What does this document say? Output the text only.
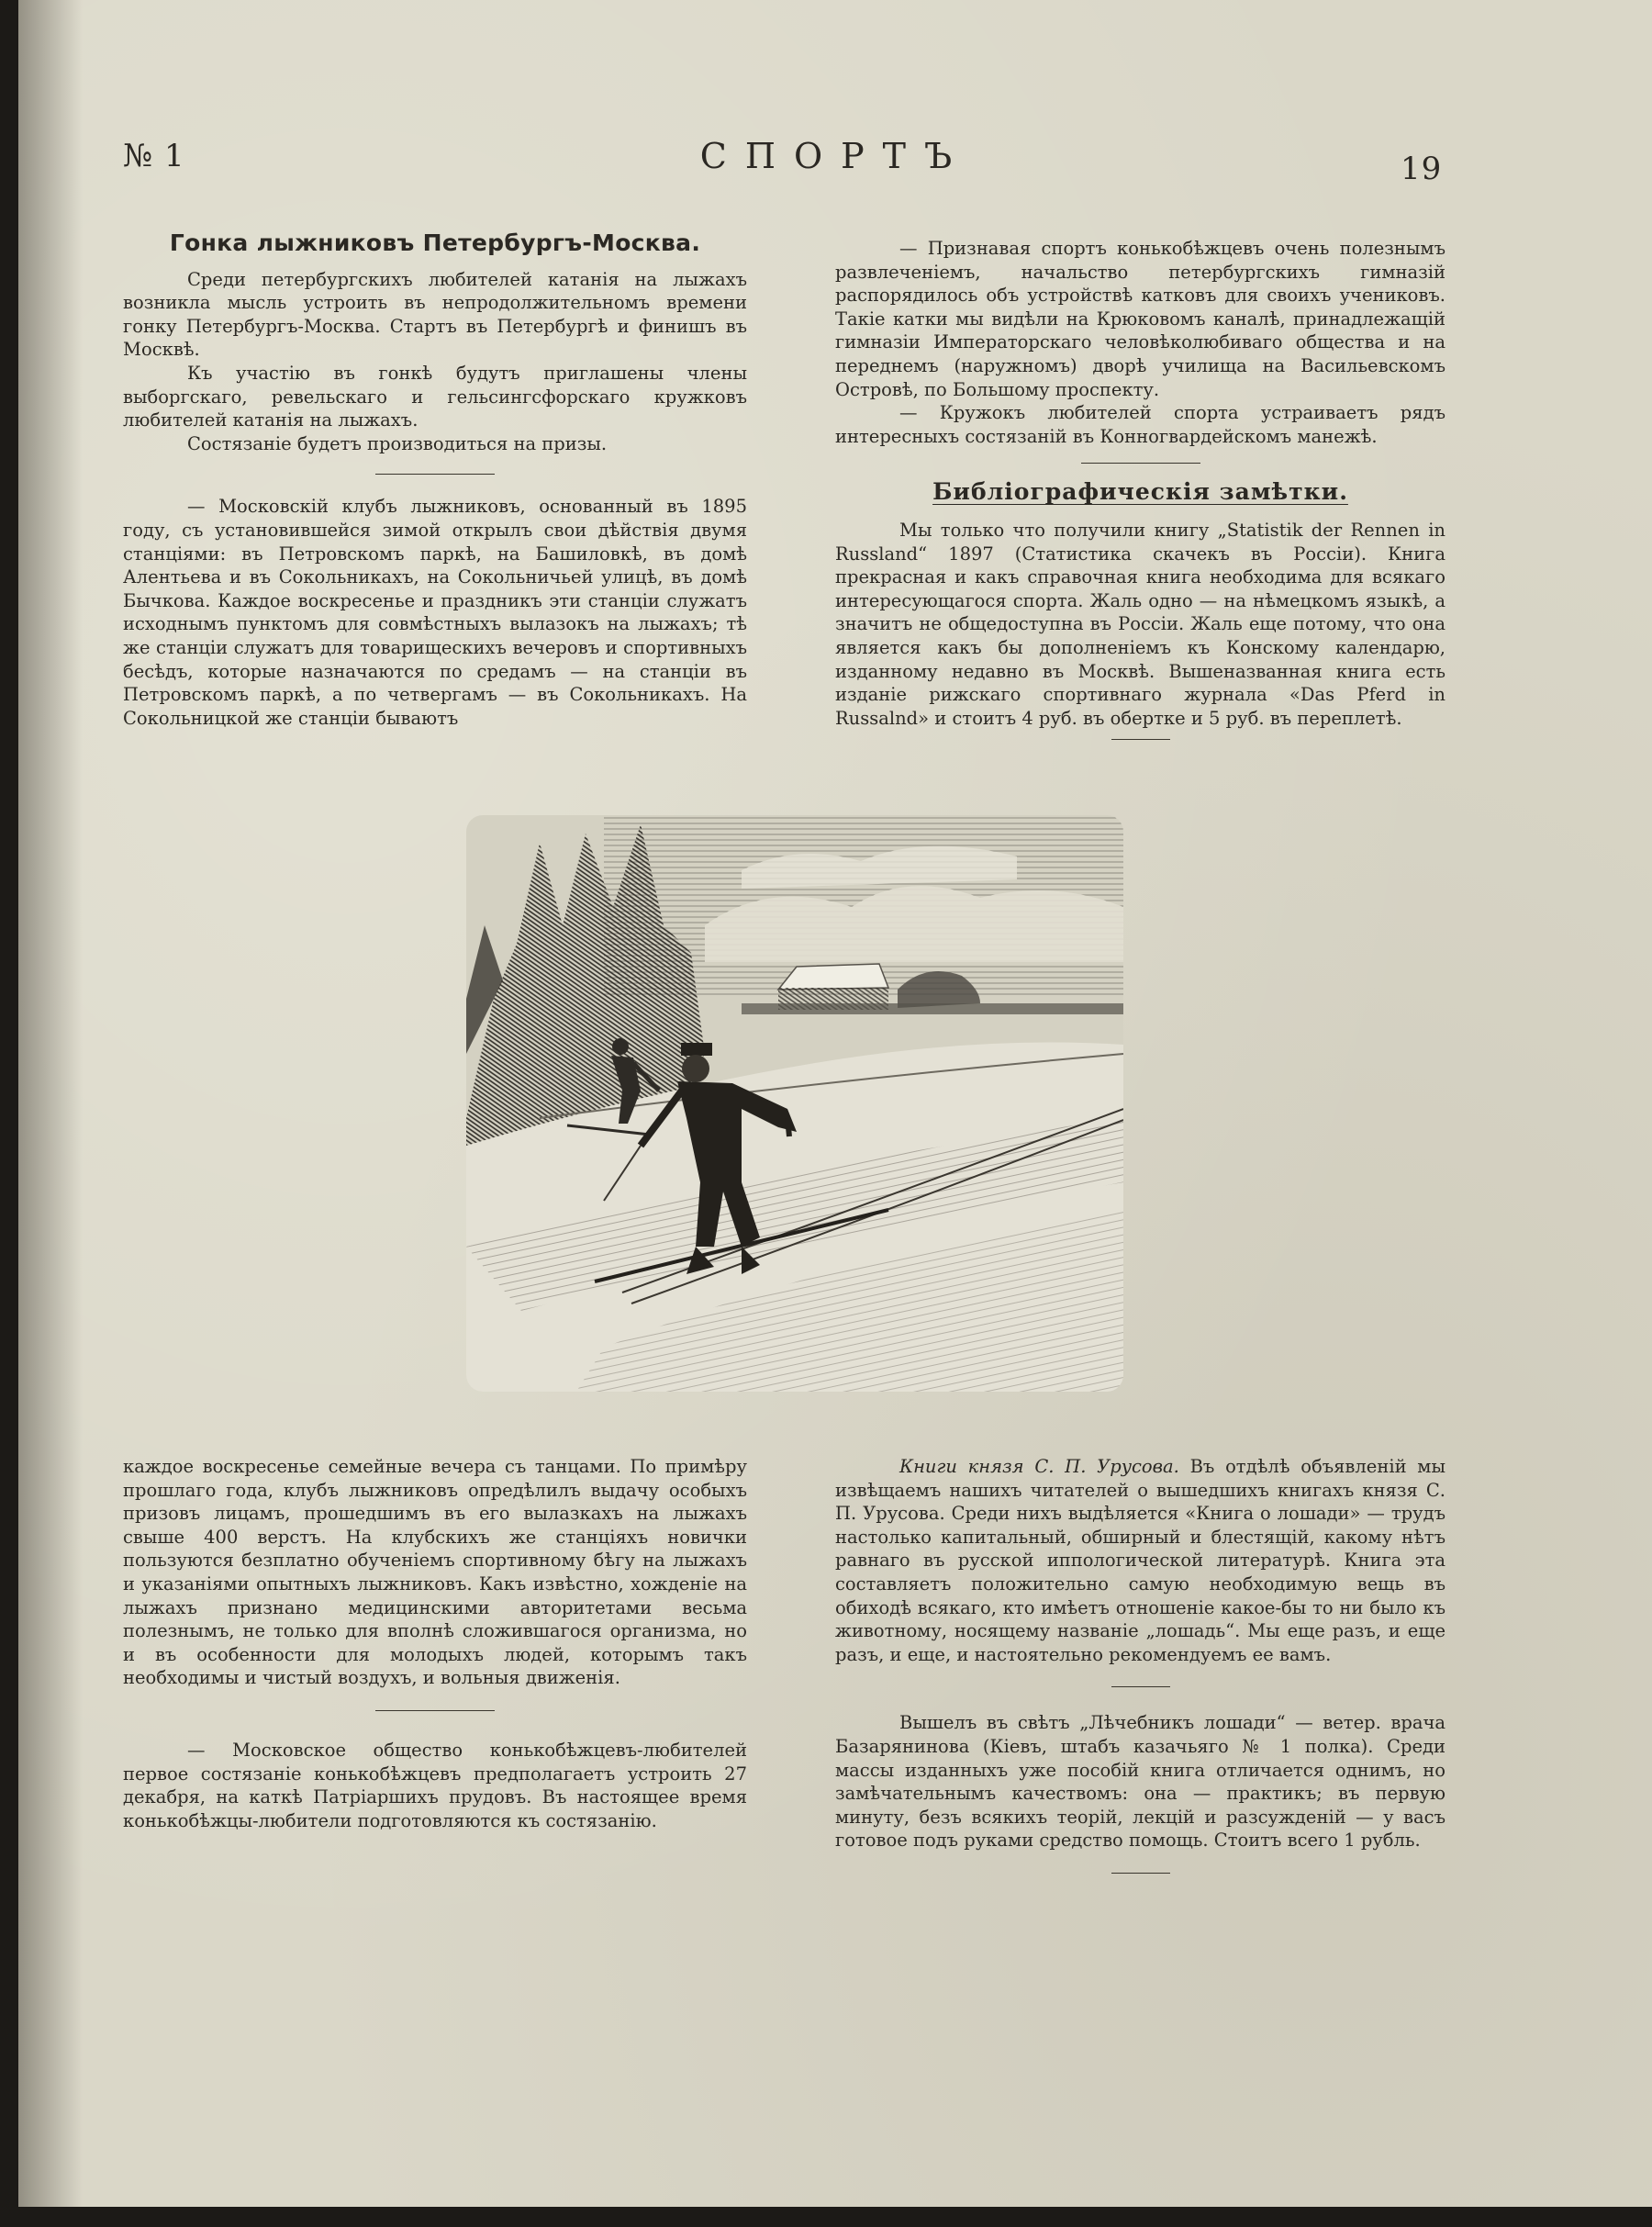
№ 1	СПОРТЪ	19
Гонка лыжниковъ Петербургъ-Москва.

Среди петербургскихъ любителей катанія на лыжахъ возникла мысль устроить въ непродолжительномъ времени гонку Петербургъ-Москва. Стартъ въ Петербургѣ и финишъ въ Москвѣ.

Къ участію въ гонкѣ будутъ приглашены члены выборгскаго, ревельскаго и гельсингсфорскаго кружковъ любителей катанія на лыжахъ.

Состязаніе будетъ производиться на призы.

— Московскій клубъ лыжниковъ, основанный въ 1895 году, съ установившейся зимой открылъ свои дѣйствія двумя станціями: въ Петровскомъ паркѣ, на Башиловкѣ, въ домѣ Алентьева и въ Сокольникахъ, на Сокольничьей улицѣ, въ домѣ Бычкова. Каждое воскресенье и праздникъ эти станціи служатъ исходнымъ пунктомъ для совмѣстныхъ вылазокъ на лыжахъ; тѣ же станціи служатъ для товарищескихъ вечеровъ и спортивныхъ бесѣдъ, которые назначаются по средамъ — на станціи въ Петровскомъ паркѣ, а по четвергамъ — въ Сокольникахъ. На Сокольницкой же станціи бываютъ

— Признавая спортъ конькобѣжцевъ очень полезнымъ развлеченіемъ, начальство петербургскихъ гимназій распорядилось объ устройствѣ катковъ для своихъ учениковъ. Такіе катки мы видѣли на Крюковомъ каналѣ, принадлежащій гимназіи Императорскаго человѣколюбиваго общества и на переднемъ (наружномъ) дворѣ училища на Васильевскомъ Островѣ, по Большому проспекту.

— Кружокъ любителей спорта устраиваетъ рядъ интересныхъ состязаній въ Конногвардейскомъ манежѣ.

Библіографическія замѣтки.

Мы только что получили книгу „Statistik der Rennen in Russland“ 1897 (Статистика скачекъ въ Россіи). Книга прекрасная и какъ справочная книга необходима для всякаго интересующагося спорта. Жаль одно — на нѣмецкомъ языкѣ, а значитъ не общедоступна въ Россіи. Жаль еще потому, что она является какъ бы дополненіемъ къ Конскому календарю, изданному недавно въ Москвѣ. Вышеназванная книга есть изданіе рижскаго спортивнаго журнала «Das Pferd in Russalnd» и стоитъ 4 руб. въ обертке и 5 руб. въ переплетѣ.

каждое воскресенье семейные вечера съ танцами. По примѣру прошлаго года, клубъ лыжниковъ опредѣлилъ выдачу особыхъ призовъ лицамъ, прошедшимъ въ его вылазкахъ на лыжахъ свыше 400 верстъ. На клубскихъ же станціяхъ новички пользуются безплатно обученіемъ спортивному бѣгу на лыжахъ и указаніями опытныхъ лыжниковъ. Какъ извѣстно, хожденіе на лыжахъ признано медицинскими авторитетами весьма полезнымъ, не только для вполнѣ сложившагося организма, но и въ особенности для молодыхъ людей, которымъ такъ необходимы и чистый воздухъ, и вольныя движенія.

— Московское общество конькобѣжцевъ-любителей первое состязаніе конькобѣжцевъ предполагаетъ устроить 27 декабря, на каткѣ Патріаршихъ прудовъ. Въ настоящее время конькобѣжцы-любители подготовляются къ состязанію.

Книги князя С. П. Урусова. Въ отдѣлѣ объявленій мы извѣщаемъ нашихъ читателей о вышедшихъ книгахъ князя С. П. Урусова. Среди нихъ выдѣляется «Книга о лошади» — трудъ настолько капитальный, обширный и блестящій, какому нѣтъ равнаго въ русской иппологической литературѣ. Книга эта составляетъ положительно самую необходимую вещь въ обиходѣ всякаго, кто имѣетъ отношеніе какое-бы то ни было къ животному, носящему названіе „лошадь“. Мы еще разъ, и еще разъ, и еще, и настоятельно рекомендуемъ ее вамъ.

Вышелъ въ свѣтъ „Лѣчебникъ лошади“ — ветер. врача Базарянинова (Кіевъ, штабъ казачьяго № 1 полка). Среди массы изданныхъ уже пособій книга отличается однимъ, но замѣчательнымъ качествомъ: она — практикъ; въ первую минуту, безъ всякихъ теорій, лекцій и разсужденій — у васъ готовое подъ руками средство помощь. Стоитъ всего 1 рубль.
